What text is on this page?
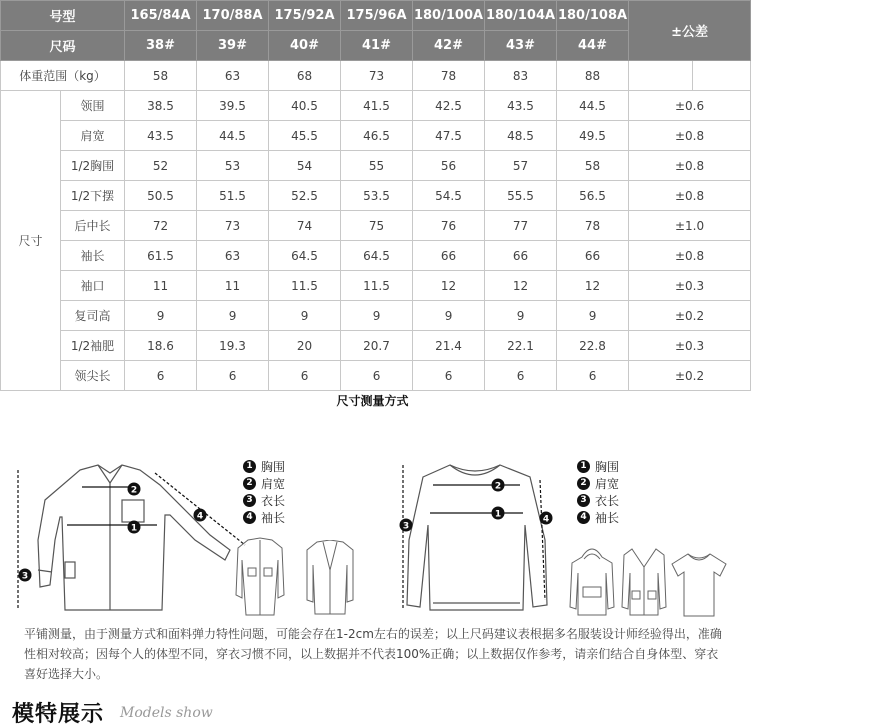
号型		165/84A	170/88A	175/92A	175/96A	180/100A	180/104A	180/108A	±公差	
尺码		38#	39#	40#	41#	42#	43#	44#		
体重范围（kg）		58	63	68	73	78	83	88		
尺寸	领围	38.5	39.5	40.5	41.5	42.5	43.5	44.5	±0.6	
	肩宽	43.5	44.5	45.5	46.5	47.5	48.5	49.5	±0.8	
	1/2胸围	52	53	54	55	56	57	58	±0.8	
	1/2下摆	50.5	51.5	52.5	53.5	54.5	55.5	56.5	±0.8	
	后中长	72	73	74	75	76	77	78	±1.0	
	袖长	61.5	63	64.5	64.5	66	66	66	±0.8	
	袖口	11	11	11.5	11.5	12	12	12	±0.3	
	复司高	9	9	9	9	9	9	9	±0.2	
	1/2袖肥	18.6	19.3	20	20.7	21.4	22.1	22.8	±0.3	
	领尖长	6	6	6	6	6	6	6	±0.2	
尺寸测量方式
1
2
3
4
1 胸围
2 肩宽
3 衣长
4 袖长	1
2
3
4
1 胸围
2 肩宽
3 衣长
4 袖长
平铺测量，由于测量方式和面料弹力特性问题，可能会存在1-2cm左右的误差；以上尺码建议表根据多名服装设计师经验得出，准确性相对较高；因每个人的体型不同，穿衣习惯不同，以上数据并不代表100%正确；以上数据仅作参考，请亲们结合自身体型、穿衣喜好选择大小。
模特展示 Models show
